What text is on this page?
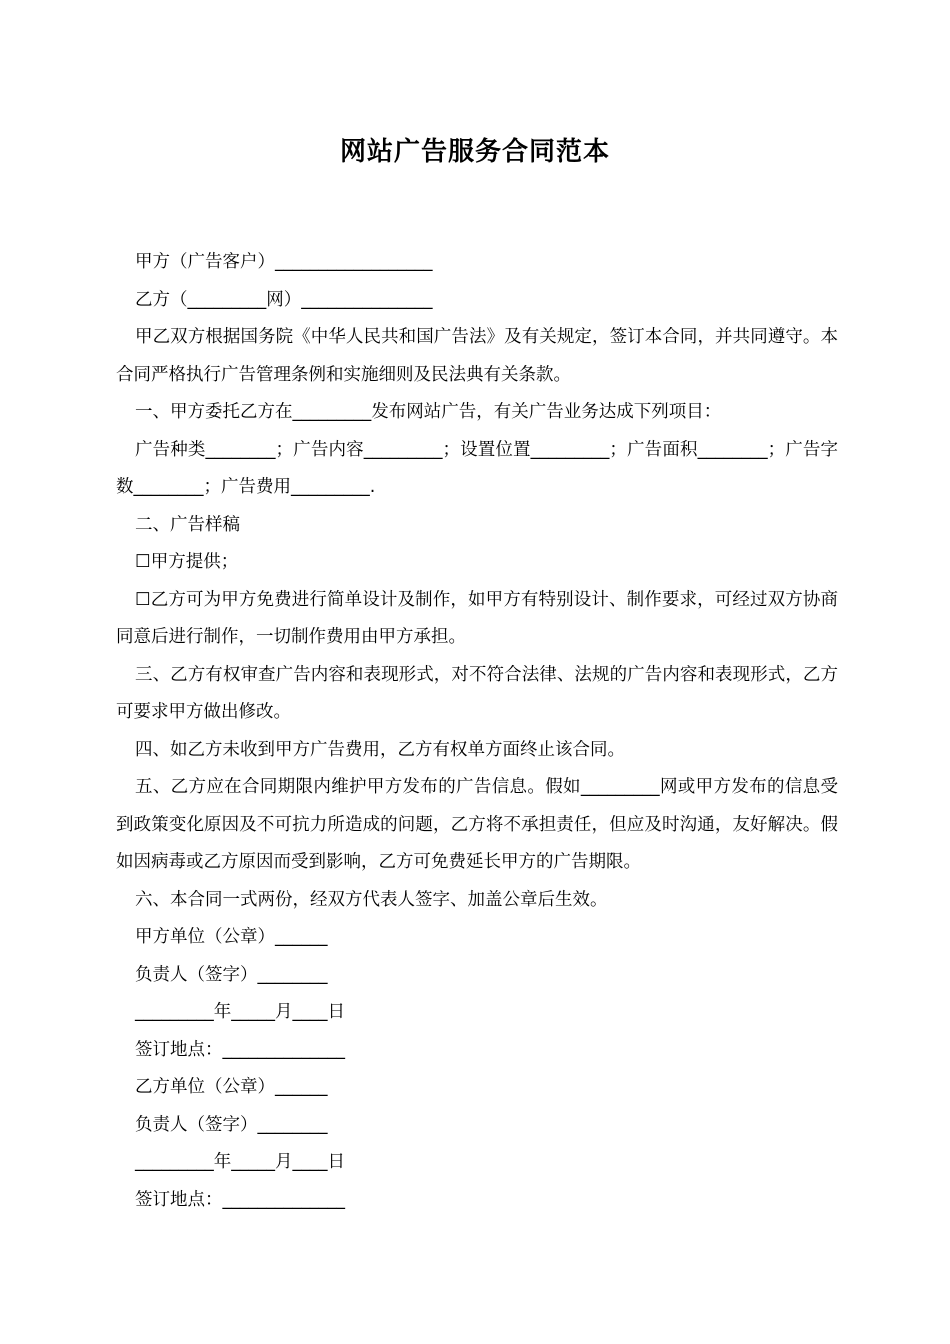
网站广告服务合同范本

甲方（广告客户）__________________

乙方（_________网）_______________

甲乙双方根据国务院《中华人民共和国广告法》及有关规定，签订本合同，并共同遵守。本合同严格执行广告管理条例和实施细则及民法典有关条款。

一、甲方委托乙方在_________发布网站广告，有关广告业务达成下列项目：

广告种类________；广告内容_________；设置位置_________；广告面积________；广告字数________；广告费用_________.

二、广告样稿

☐甲方提供；

☐乙方可为甲方免费进行简单设计及制作，如甲方有特别设计、制作要求，可经过双方协商同意后进行制作，一切制作费用由甲方承担。

三、乙方有权审查广告内容和表现形式，对不符合法律、法规的广告内容和表现形式，乙方可要求甲方做出修改。

四、如乙方未收到甲方广告费用，乙方有权单方面终止该合同。

五、乙方应在合同期限内维护甲方发布的广告信息。假如_________网或甲方发布的信息受到政策变化原因及不可抗力所造成的问题，乙方将不承担责任，但应及时沟通，友好解决。假如因病毒或乙方原因而受到影响，乙方可免费延长甲方的广告期限。

六、本合同一式两份，经双方代表人签字、加盖公章后生效。

甲方单位（公章）______

负责人（签字）________

_________年_____月____日

签订地点：______________

乙方单位（公章）______

负责人（签字）________

_________年_____月____日

签订地点：______________
